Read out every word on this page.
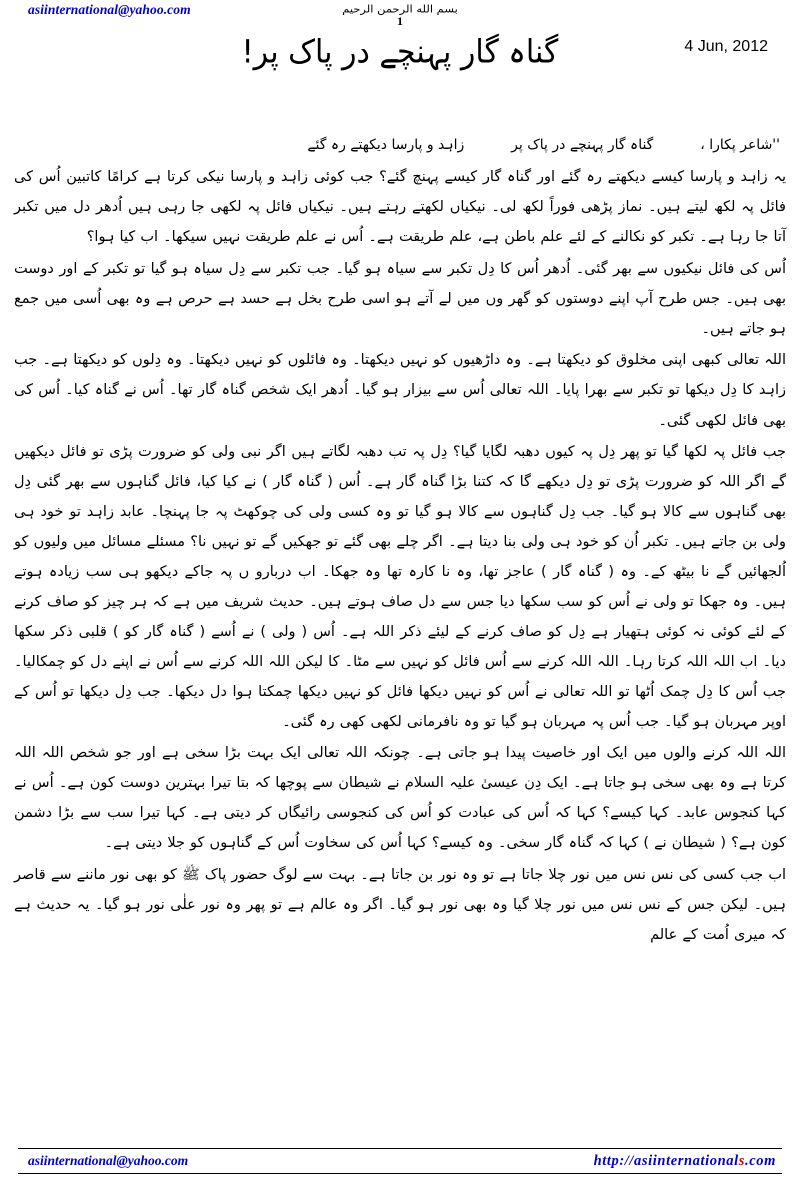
asiinternational@yahoo.com	بسم الله الرحمن الرحيم
1
گناہ گار پہنچے در پاک پر!	4 Jun, 2012
''شاعر پکارا ،  گناہ گار پہنچے در پاک پر  زاہد و پارسا دیکھتے رہ گئے

یہ زاہد و پارسا کیسے دیکھتے رہ گئے اور گناہ گار کیسے پہنچ گئے؟ جب کوئی زاہد و پارسا نیکی کرتا ہے کرامًا کاتبین اُس کی فائل پہ لکھ لیتے ہیں۔ نماز پڑھی فوراً لکھ لی۔ نیکیاں لکھتے رہتے ہیں۔ نیکیاں فائل پہ لکھی جا رہی ہیں اُدھر دل میں تکبر آتا جا رہا ہے۔ تکبر کو نکالنے کے لئے علم باطن ہے، علم طریقت ہے۔ اُس نے علم طریقت نہیں سیکھا۔ اب کیا ہوا؟

اُس کی فائل نیکیوں سے بھر گئی۔ اُدھر اُس کا دِل تکبر سے سیاہ ہو گیا۔ جب تکبر سے دِل سیاہ ہو گیا تو تکبر کے اور دوست بھی ہیں۔ جس طرح آپ اپنے دوستوں کو گھر وں میں لے آتے ہو اسی طرح بخل ہے حسد ہے حرص ہے وہ بھی اُسی میں جمع ہو جاتے ہیں۔

اللہ تعالی کبھی اپنی مخلوق کو دیکھتا ہے۔ وہ داڑھیوں کو نہیں دیکھتا۔ وہ فائلوں کو نہیں دیکھتا۔ وہ دِلوں کو دیکھتا ہے۔ جب زاہد کا دِل دیکھا تو تکبر سے بھرا پایا۔ اللہ تعالی اُس سے بیزار ہو گیا۔ اُدھر ایک شخص گناہ گار تھا۔ اُس نے گناہ کیا۔ اُس کی بھی فائل لکھی گئی۔

جب فائل پہ لکھا گیا تو پھر دِل پہ کیوں دھبہ لگایا گیا؟ دِل پہ تب دھبہ لگاتے ہیں اگر نبی ولی کو ضرورت پڑی تو فائل دیکھیں گے اگر اللہ کو ضرورت پڑی تو دِل دیکھے گا کہ کتنا بڑا گناہ گار ہے۔ اُس ( گناہ گار ) نے کیا کیا، فائل گناہوں سے بھر گئی دِل بھی گناہوں سے کالا ہو گیا۔ جب دِل گناہوں سے کالا ہو گیا تو وہ کسی ولی کی چوکھٹ پہ جا پہنچا۔ عابد زاہد تو خود ہی ولی بن جاتے ہیں۔ تکبر اُن کو خود ہی ولی بنا دیتا ہے۔ اگر چلے بھی گئے تو جھکیں گے تو نہیں نا؟ مسئلے مسائل میں ولیوں کو اُلجھائیں گے نا بیٹھ کے۔ وہ ( گناہ گار ) عاجز تھا، وہ نا کارہ تھا وہ جھکا۔ اب دربارو ں پہ جاکے دیکھو ہی سب زیادہ ہوتے ہیں۔ وہ جھکا تو ولی نے اُس کو سب سکھا دیا جس سے دل صاف ہوتے ہیں۔ حدیث شریف میں ہے کہ ہر چیز کو صاف کرنے کے لئے کوئی نہ کوئی ہتھیار ہے دِل کو صاف کرنے کے لیئے ذکر اللہ ہے۔ اُس ( ولی ) نے اُسے ( گناہ گار کو ) قلبی ذکر سکھا دیا۔ اب اللہ اللہ کرتا رہا۔ اللہ اللہ کرنے سے اُس فائل کو نہیں سے مٹا۔ کا لیکن اللہ اللہ کرنے سے اُس نے اپنے دل کو چمکالیا۔ جب اُس کا دِل چمک اُٹھا تو اللہ تعالی نے اُس کو نہیں دیکھا فائل کو نہیں دیکھا چمکتا ہوا دل دیکھا۔ جب دِل دیکھا تو اُس کے اوپر مہربان ہو گیا۔ جب اُس پہ مہربان ہو گیا تو وہ نافرمانی لکھی کھی رہ گئی۔

اللہ اللہ کرنے والوں میں ایک اور خاصیت پیدا ہو جاتی ہے۔ چونکہ اللہ تعالی ایک بہت بڑا سخی ہے اور جو شخص اللہ اللہ کرتا ہے وہ بھی سخی ہو جاتا ہے۔ ایک دِن عیسیٰ علیہ السلام نے شیطان سے پوچھا کہ بتا تیرا بہترین دوست کون ہے۔ اُس نے کہا کنجوس عابد۔ کہا کیسے؟ کہا کہ اُس کی عبادت کو اُس کی کنجوسی رائیگاں کر دیتی ہے۔ کہا تیرا سب سے بڑا دشمن کون ہے؟ ( شیطان نے ) کہا کہ گناہ گار سخی۔ وہ کیسے؟ کہا اُس کی سخاوت اُس کے گناہوں کو جلا دیتی ہے۔

اب جب کسی کی نس نس میں نور چلا جاتا ہے تو وہ نور بن جاتا ہے۔ بہت سے لوگ حضور پاک ﷺ کو بھی نور ماننے سے قاصر ہیں۔ لیکن جس کے نس نس میں نور چلا گیا وہ بھی نور ہو گیا۔ اگر وہ عالم ہے تو پھر وہ نور علٰی نور ہو گیا۔ یہ حدیث ہے کہ میری اُمت کے عالم

asiinternational@yahoo.com	http://asiinternationals.com
